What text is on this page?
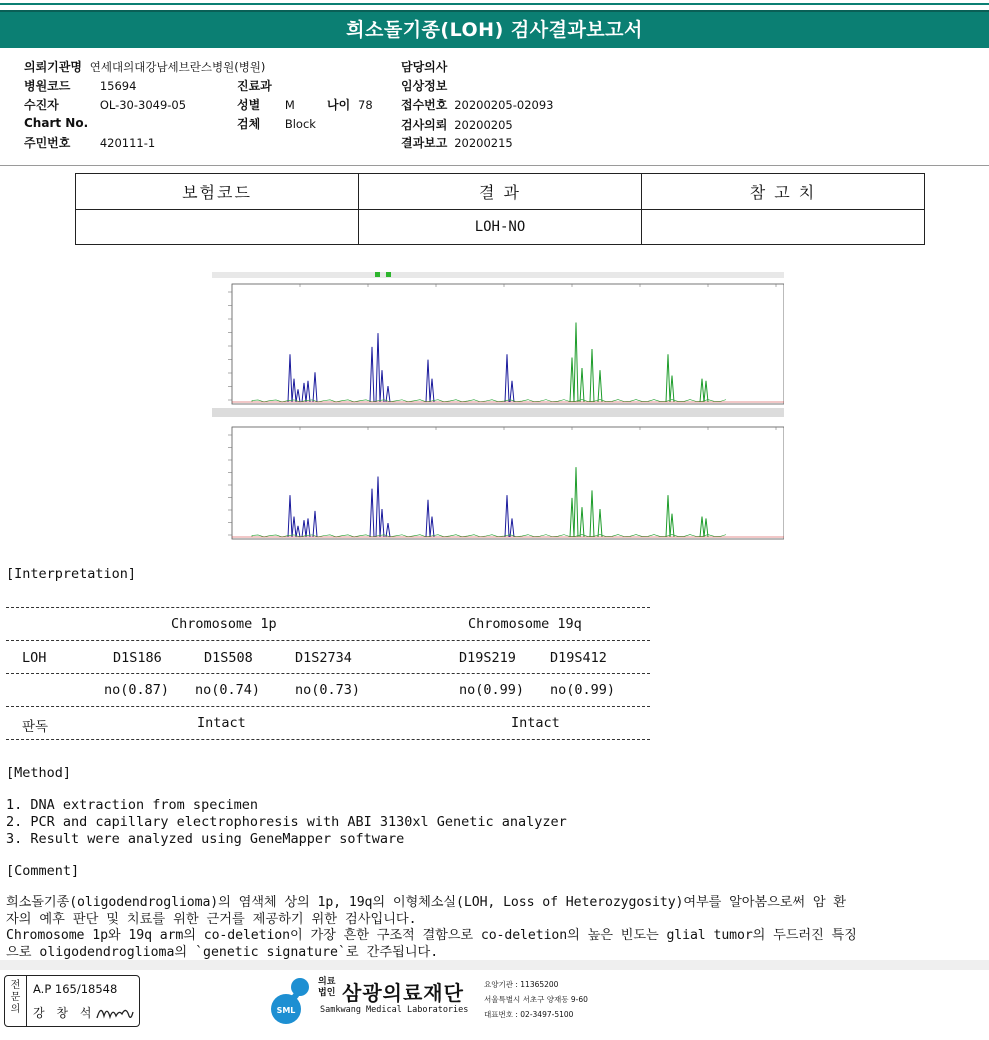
희소돌기종(LOH) 검사결과보고서
의뢰기관명 연세대의대강남세브란스병원(병원)
병원코드	15694
수진자	OL-30-3049-05
Chart No.
주민번호	420111-1
진료과
성별 M	나이 78
검체 Block
담당의사
임상정보
접수번호 20200205-02093
검사의뢰 20200205
결과보고 20200215
보험코드	결 과	참 고 치
	LOH-NO	
[Interpretation]
Chromosome 1p	Chromosome 19q
LOH	D1S186	D1S508	D1S2734	D19S219	D19S412
no(0.87) no(0.74)	no(0.73)	no(0.99) no(0.99)
판독	Intact	Intact
[Method]
1. DNA extraction from specimen
2. PCR and capillary electrophoresis with ABI 3130xl Genetic analyzer
3. Result were analyzed using GeneMapper software
[Comment]
희소돌기종(oligodendroglioma)의 염색체 상의 1p, 19q의 이형체소실(LOH, Loss of Heterozygosity)여부를 알아봄으로써 암 환
자의 예후 판단 및 치료를 위한 근거를 제공하기 위한 검사입니다.
Chromosome 1p와 19q arm의 co-deletion이 가장 흔한 구조적 결함으로 co-deletion의 높은 빈도는 glial tumor의 두드러진 특징
으로 oligodendroglioma의 `genetic signature`로 간주됩니다.
전
문
의
A.P 165/18548
강 창 석	SML
의료
법인 삼광의료재단
Samkwang Medical Laboratories
요양기관 : 11365200
서울특별시 서초구 양재동 9-60
대표번호 : 02-3497-5100
